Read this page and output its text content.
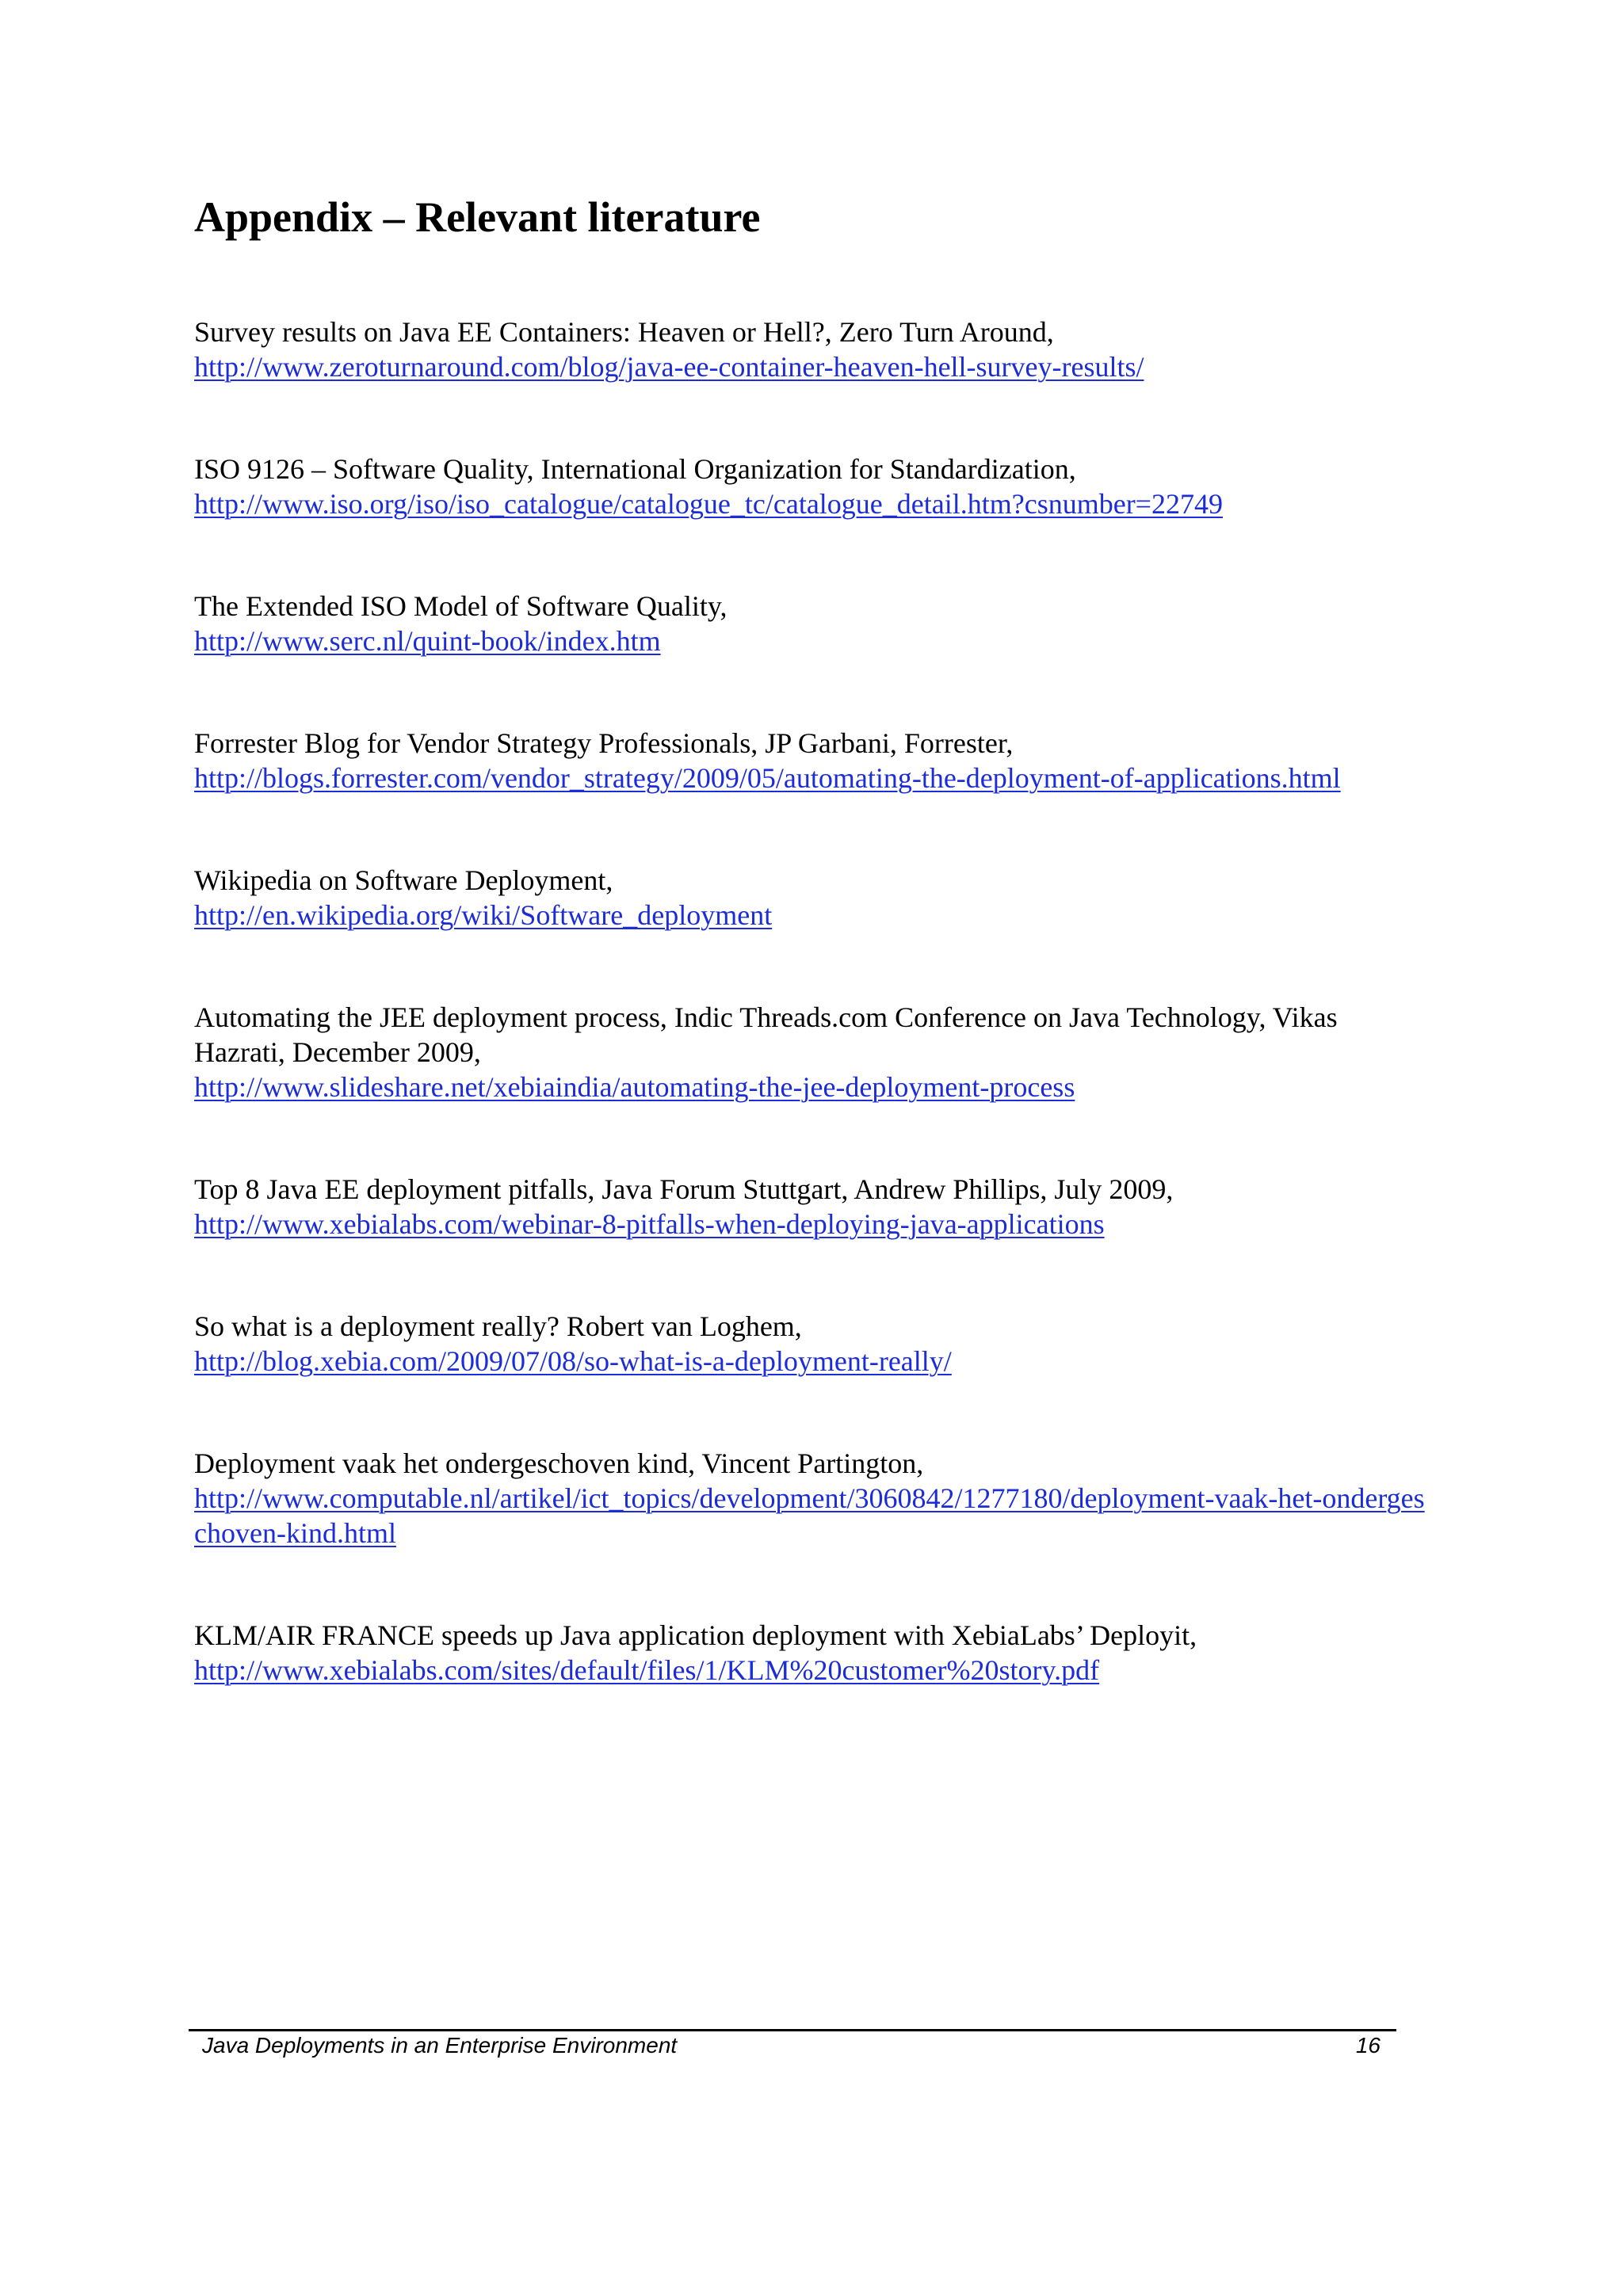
Appendix – Relevant literature
Survey results on Java EE Containers: Heaven or Hell?, Zero Turn Around,
http://www.zeroturnaround.com/blog/java-ee-container-heaven-hell-survey-results/
ISO 9126 – Software Quality, International Organization for Standardization,
http://www.iso.org/iso/iso_catalogue/catalogue_tc/catalogue_detail.htm?csnumber=22749
The Extended ISO Model of Software Quality,
http://www.serc.nl/quint-book/index.htm
Forrester Blog for Vendor Strategy Professionals, JP Garbani, Forrester,
http://blogs.forrester.com/vendor_strategy/2009/05/automating-the-deployment-of-applications.html
Wikipedia on Software Deployment,
http://en.wikipedia.org/wiki/Software_deployment
Automating the JEE deployment process, Indic Threads.com Conference on Java Technology, Vikas Hazrati, December 2009,
http://www.slideshare.net/xebiaindia/automating-the-jee-deployment-process
Top 8 Java EE deployment pitfalls, Java Forum Stuttgart, Andrew Phillips, July 2009,
http://www.xebialabs.com/webinar-8-pitfalls-when-deploying-java-applications
So what is a deployment really? Robert van Loghem,
http://blog.xebia.com/2009/07/08/so-what-is-a-deployment-really/
Deployment vaak het ondergeschoven kind, Vincent Partington,
http://www.computable.nl/artikel/ict_topics/development/3060842/1277180/deployment-vaak-het-ondergeschoven-kind.html
KLM/AIR FRANCE speeds up Java application deployment with XebiaLabs’ Deployit,
http://www.xebialabs.com/sites/default/files/1/KLM%20customer%20story.pdf
Java Deployments in an Enterprise Environment	16
